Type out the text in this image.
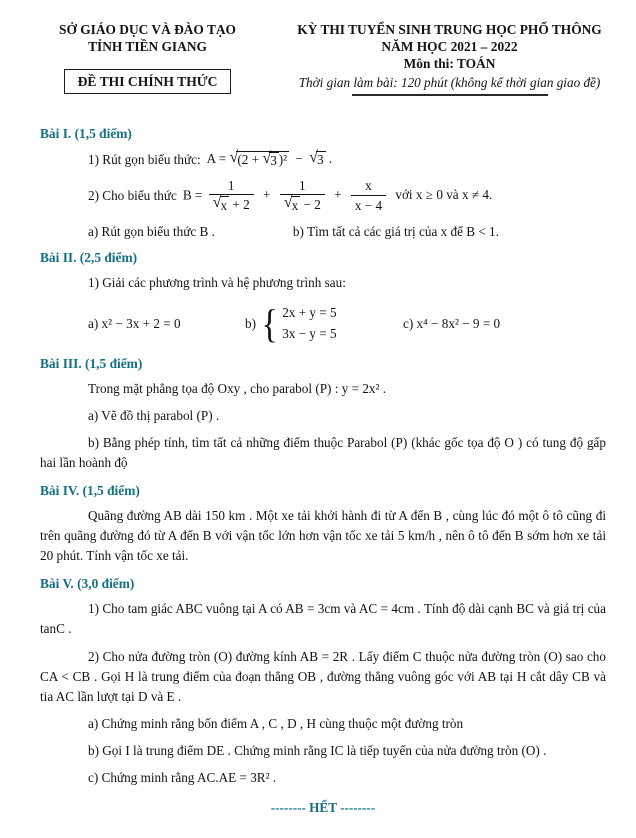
SỞ GIÁO DỤC VÀ ĐÀO TẠO
TỈNH TIỀN GIANG
ĐỀ THI CHÍNH THỨC
KỲ THI TUYỂN SINH TRUNG HỌC PHỔ THÔNG
NĂM HỌC 2021 – 2022
Môn thi: TOÁN
Thời gian làm bài: 120 phút (không kể thời gian giao đề)
Bài I. (1,5 điểm)
1) Rút gọn biểu thức: A = √(2 + √3 )² − √3 .
2) Cho biểu thức $B = \frac{1}{√x + 2} + \frac{1}{√x - 2} + \frac{x}{x - 4}$ với x ≥ 0 và x ≠ 4.
a) Rút gọn biểu thức B .	b) Tìm tất cả các giá trị của x để B < 1.
Bài II. (2,5 điểm)

1) Giải các phương trình và hệ phương trình sau:

a) x² − 3x + 2 = 0	b) { 2x + y = 5
3x − y = 5
c) x⁴ − 8x² − 9 = 0
Bài III. (1,5 điểm)

Trong mặt phẳng tọa độ Oxy , cho parabol (P) : y = 2x² .

a) Vẽ đồ thị parabol (P) .

b) Bằng phép tính, tìm tất cả những điểm thuộc Parabol (P) (khác gốc tọa độ O ) có tung độ gấp hai lần hoành độ

Bài IV. (1,5 điểm)

Quãng đường AB dài 150 km . Một xe tải khởi hành đi từ A đến B , cùng lúc đó một ô tô cũng đi trên quãng đường đó từ A đến B với vận tốc lớn hơn vận tốc xe tải 5 km/h , nên ô tô đến B sớm hơn xe tải 20 phút. Tính vận tốc xe tải.

Bài V. (3,0 điểm)

1) Cho tam giác ABC vuông tại A có AB = 3cm và AC = 4cm . Tính độ dài cạnh BC và giá trị của tanC .

2) Cho nửa đường tròn (O) đường kính AB = 2R . Lấy điểm C thuộc nửa đường tròn (O) sao cho CA < CB . Gọi H là trung điểm của đoạn thẳng OB , đường thẳng vuông góc với AB tại H cắt dây CB và tia AC lần lượt tại D và E .

a) Chứng minh rằng bốn điểm A , C , D , H cùng thuộc một đường tròn

b) Gọi I là trung điểm DE . Chứng minh rằng IC là tiếp tuyến của nửa đường tròn (O) .

c) Chứng minh rằng AC.AE = 3R² .

-------- HẾT --------
